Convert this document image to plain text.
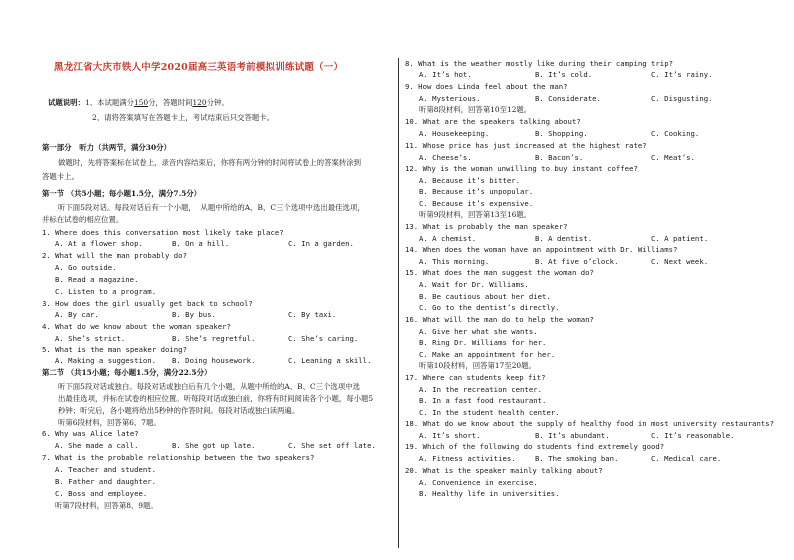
黑龙江省大庆市铁人中学2020届高三英语考前模拟训练试题（一）
试题说明：1、本试题满分150分，答题时间120分钟。
2、请将答案填写在答题卡上，考试结束后只交答题卡。
第一部分   听力（共两节，满分30分）
做题时，先将答案标在试卷上，录音内容结束后，你将有两分钟的时间将试卷上的答案转涂到
答题卡上。
第一节 （共5小题；每小题1.5分，满分7.5分）
听下面5段对话。每段对话后有一个小题，  从题中所给的A、B、C三个选项中选出最佳选项，
并标在试卷的相应位置。
1. Where does this conversation most likely take place?
A. At a flower shop.	B. On a hill.	C. In a garden.
2. What will the man probably do?
A. Go outside.
B. Read a magazine.
C. Listen to a program.
3. How does the girl usually get back to school?
A. By car.	B. By bus.	C. By taxi.
4. What do we know about the woman speaker?
A. She’s strict.	B. She’s regretful.	C. She’s caring.
5. What is the man speaker doing?
A. Making a suggestion. B. Doing housework.	C. Leaning a skill.
第二节 （共15小题；每小题1.5分，满分22.5分）
听下面5段对话或独白。每段对话或独白后有几个小题，从题中所给的A、B、C三个选项中选
出最佳选项，并标在试卷的相应位置。听每段对话或独白前，你将有时间阅读各个小题，每小题5
秒钟；听完后，各小题将给出5秒钟的作答时间。每段对话或独白读两遍。
听第6段材料，回答第6、7题。
6. Why was Alice late?
A. She made a call.	B. She got up late.	C. She set off late.
7. What is the probable relationship between the two speakers?
A. Teacher and student.
B. Father and daughter.
C. Boss and employee.
听第7段材料，回答第8、9题。
8. What is the weather mostly like during their camping trip?
A. It’s hot.	B. It’s cold.	C. It’s rainy.
9. How does Linda feel about the man?
A. Mysterious.	B. Considerate.	C. Disgusting.
听第8段材料，回答第10至12题。
10. What are the speakers talking about?
A. Housekeeping.	B. Shopping.	C. Cooking.
11. Whose price has just increased at the highest rate?
A. Cheese’s.	B. Bacon’s.	C. Meat’s.
12. Why is the woman unwilling to buy instant coffee?
A. Because it’s bitter.
B. Because it’s unpopular.
C. Because it’s expensive.
听第9段材料，回答第13至16题。
13. What is probably the man speaker?
A. A chemist.	B. A dentist.	C. A patient.
14. When does the woman have an appointment with Dr. Williams?
A. This morning.	B. At five o’clock.	C. Next week.
15. What does the man suggest the woman do?
A. Wait for Dr. Williams.
B. Be cautious about her diet.
C. Go to the dentist’s directly.
16. What will the man do to help the woman?
A. Give her what she wants.
B. Ring Dr. Williams for her.
C. Make an appointment for her.
听第10段材料，回答第17至20题。
17. Where can students keep fit?
A. In the recreation center.
B. In a fast food restaurant.
C. In the student health center.
18. What do we know about the supply of healthy food in most university restaurants?
A. It’s short.	B. It’s abundant.	C. It’s reasonable.
19. Which of the following do students find extremely good?
A. Fitness activities.	B. The smoking ban.	C. Medical care.
20. What is the speaker mainly talking about?
A. Convenience in exercise.
B. Healthy life in universities.
